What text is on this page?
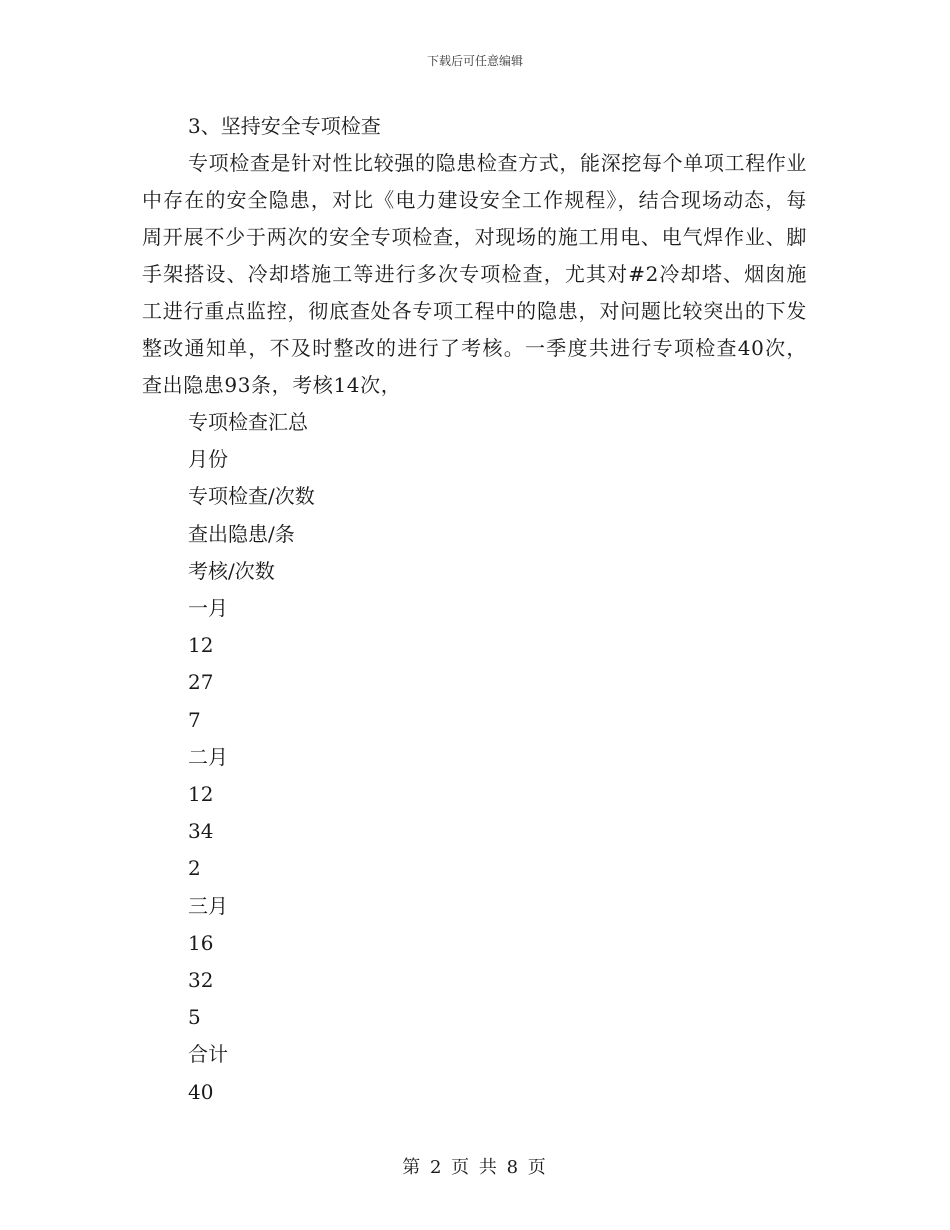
下载后可任意编辑

3、坚持安全专项检查

专项检查是针对性比较强的隐患检查方式，能深挖每个单项工程作业中存在的安全隐患，对比《电力建设安全工作规程》，结合现场动态，每周开展不少于两次的安全专项检查，对现场的施工用电、电气焊作业、脚手架搭设、冷却塔施工等进行多次专项检查，尤其对#2冷却塔、烟囱施工进行重点监控，彻底查处各专项工程中的隐患，对问题比较突出的下发整改通知单，不及时整改的进行了考核。一季度共进行专项检查40次，查出隐患93条，考核14次，

专项检查汇总
月份
专项检查/次数
查出隐患/条
考核/次数
一月
12
27
7
二月
12
34
2
三月
16
32
5
合计
40
第 2 页 共 8 页
